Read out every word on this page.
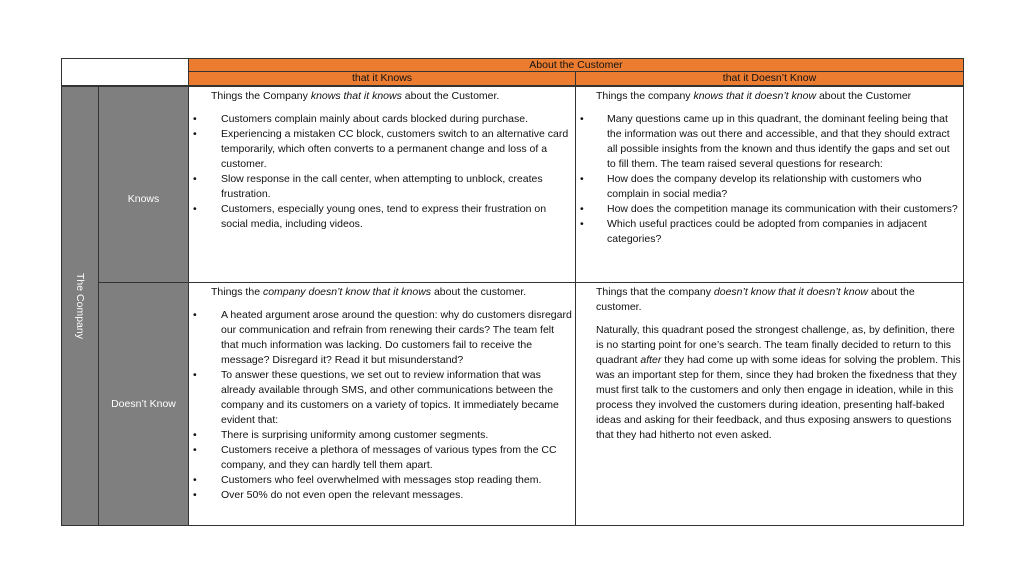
About the Customer
that it Knows	that it Doesn’t Know
The Company
Knows
Doesn’t Know
Things the Company knows that it knows about the Customer.
• Customers complain mainly about cards blocked during purchase.
• Experiencing a mistaken CC block, customers switch to an alternative card temporarily, which often converts to a permanent change and loss of a customer.
• Slow response in the call center, when attempting to unblock, creates frustration.
• Customers, especially young ones, tend to express their frustration on social media, including videos.
Things the company knows that it doesn’t know about the Customer
• Many questions came up in this quadrant, the dominant feeling being that the information was out there and accessible, and that they should extract all possible insights from the known and thus identify the gaps and set out to fill them. The team raised several questions for research:
• How does the company develop its relationship with customers who complain in social media?
• How does the competition manage its communication with their customers?
• Which useful practices could be adopted from companies in adjacent categories?
Things the company doesn’t know that it knows about the customer.
• A heated argument arose around the question: why do customers disregard our communication and refrain from renewing their cards? The team felt that much information was lacking. Do customers fail to receive the message? Disregard it? Read it but misunderstand?
• To answer these questions, we set out to review information that was already available through SMS, and other communications between the company and its customers on a variety of topics. It immediately became evident that:
• There is surprising uniformity among customer segments.
• Customers receive a plethora of messages of various types from the CC company, and they can hardly tell them apart.
• Customers who feel overwhelmed with messages stop reading them.
• Over 50% do not even open the relevant messages.
Things that the company doesn’t know that it doesn’t know about the customer.

Naturally, this quadrant posed the strongest challenge, as, by definition, there is no starting point for one’s search. The team finally decided to return to this quadrant after they had come up with some ideas for solving the problem. This was an important step for them, since they had broken the fixedness that they must first talk to the customers and only then engage in ideation, while in this process they involved the customers during ideation, presenting half-baked ideas and asking for their feedback, and thus exposing answers to questions that they had hitherto not even asked.
